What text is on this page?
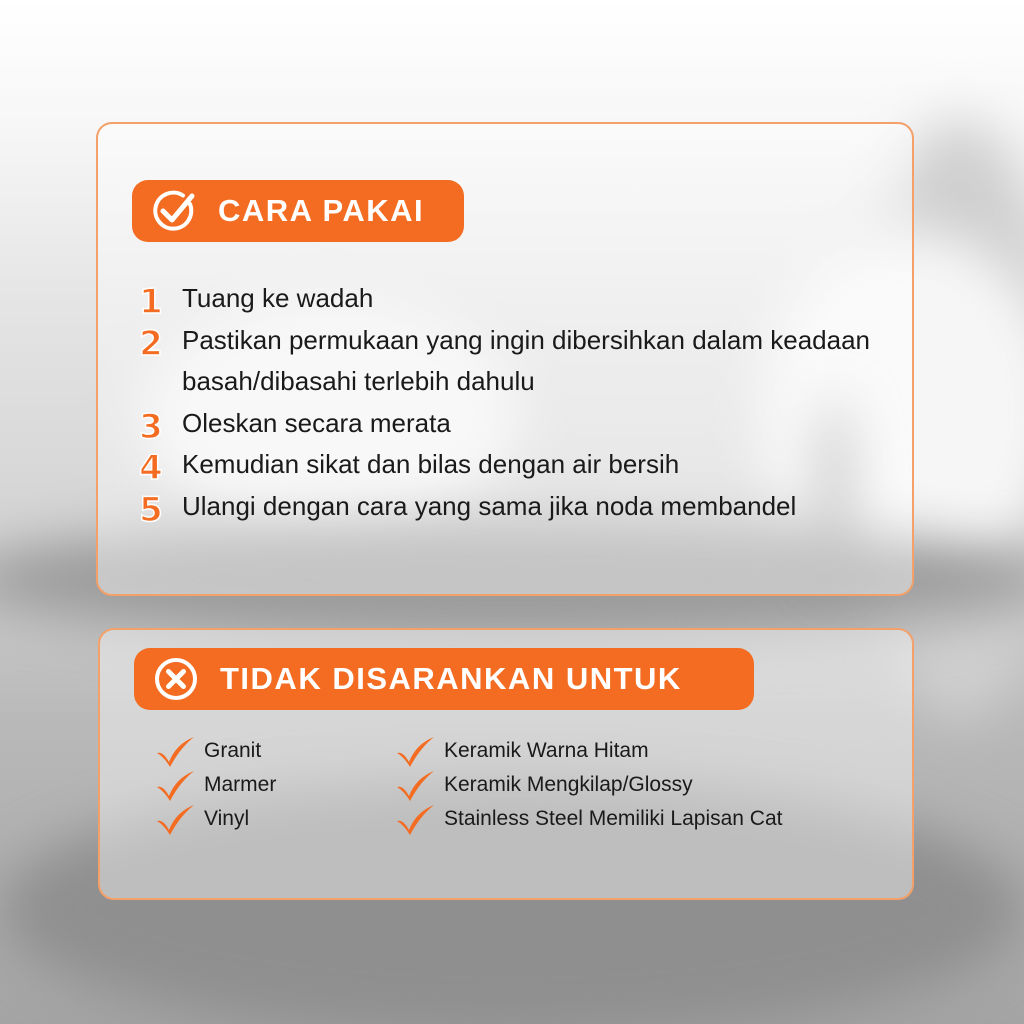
CARA PAKAI
1 Tuang ke wadah
2 Pastikan permukaan yang ingin dibersihkan dalam keadaan basah/dibasahi terlebih dahulu
3 Oleskan secara merata
4 Kemudian sikat dan bilas dengan air bersih
5 Ulangi dengan cara yang sama jika noda membandel
TIDAK DISARANKAN UNTUK
Granit
Marmer
Vinyl
Keramik Warna Hitam
Keramik Mengkilap/Glossy
Stainless Steel Memiliki Lapisan Cat
